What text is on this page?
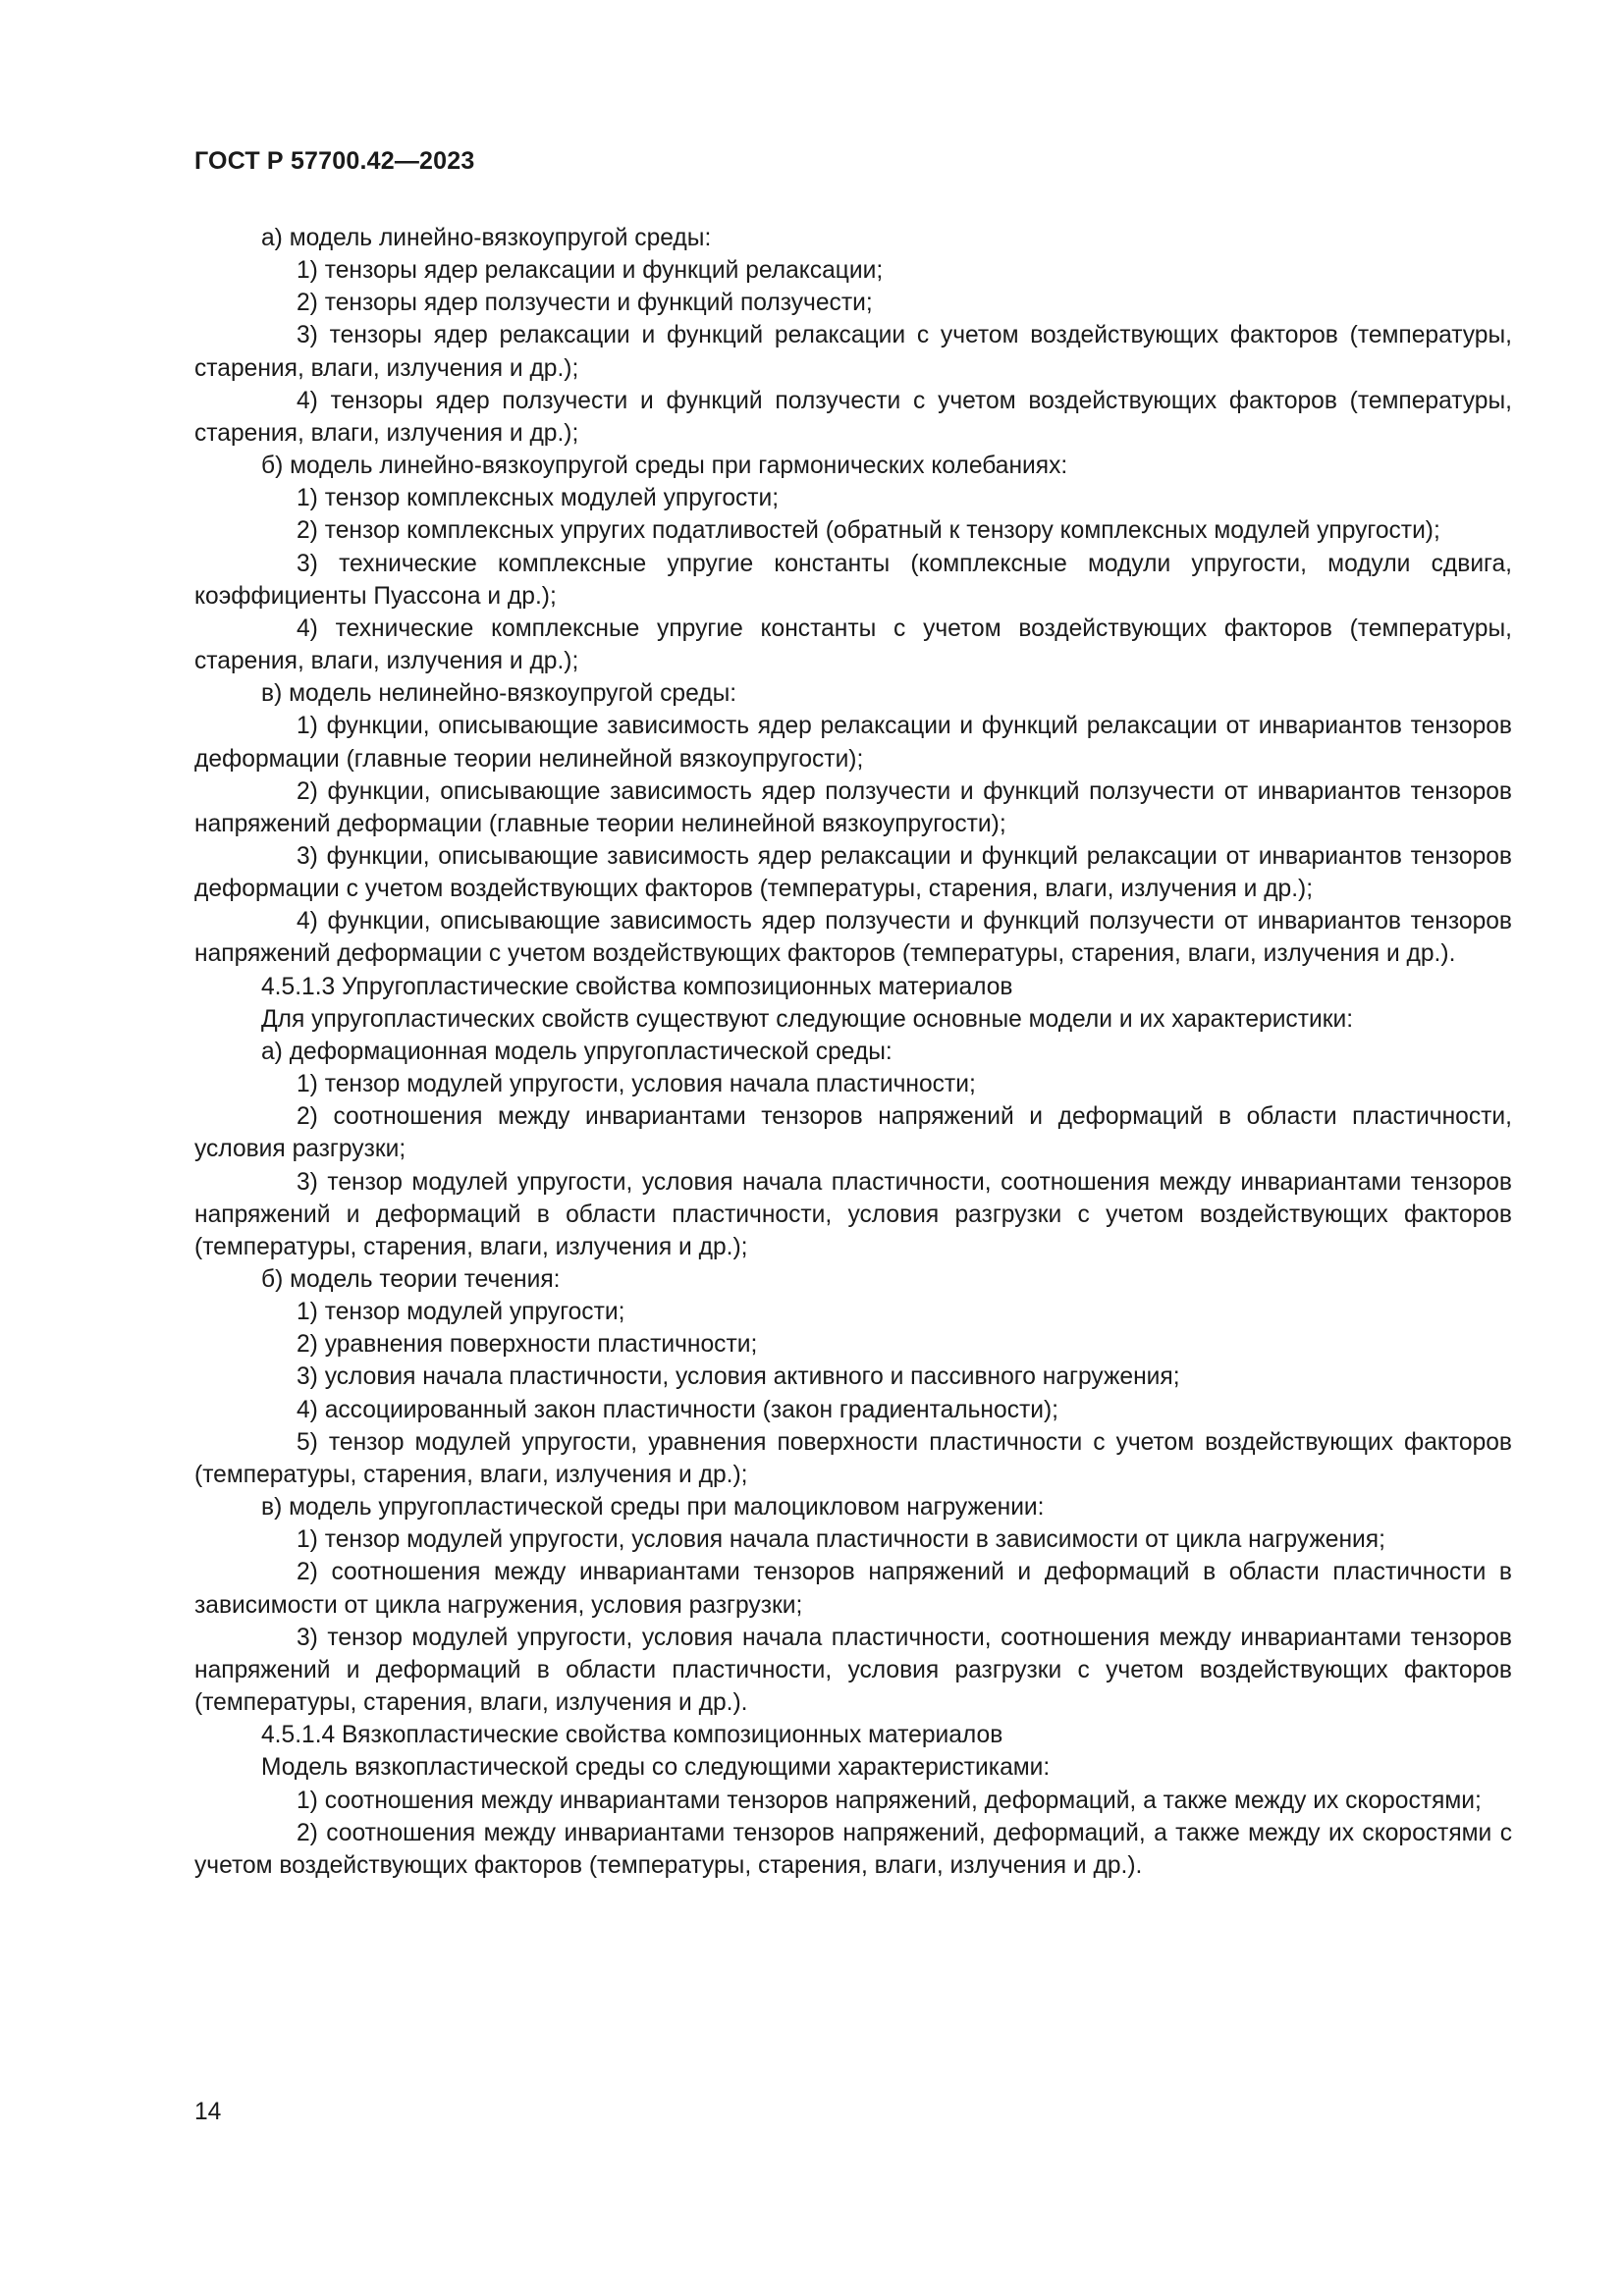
ГОСТ Р 57700.42—2023

а) модель линейно-вязкоупругой среды:

1) тензоры ядер релаксации и функций релаксации;

2) тензоры ядер ползучести и функций ползучести;

3) тензоры ядер релаксации и функций релаксации с учетом воздействующих факторов (температуры, старения, влаги, излучения и др.);

4) тензоры ядер ползучести и функций ползучести с учетом воздействующих факторов (температуры, старения, влаги, излучения и др.);

б) модель линейно-вязкоупругой среды при гармонических колебаниях:

1) тензор комплексных модулей упругости;

2) тензор комплексных упругих податливостей (обратный к тензору комплексных модулей упругости);

3) технические комплексные упругие константы (комплексные модули упругости, модули сдвига, коэффициенты Пуассона и др.);

4) технические комплексные упругие константы с учетом воздействующих факторов (температуры, старения, влаги, излучения и др.);

в) модель нелинейно-вязкоупругой среды:

1) функции, описывающие зависимость ядер релаксации и функций релаксации от инвариантов тензоров деформации (главные теории нелинейной вязкоупругости);

2) функции, описывающие зависимость ядер ползучести и функций ползучести от инвариантов тензоров напряжений деформации (главные теории нелинейной вязкоупругости);

3) функции, описывающие зависимость ядер релаксации и функций релаксации от инвариантов тензоров деформации с учетом воздействующих факторов (температуры, старения, влаги, излучения и др.);

4) функции, описывающие зависимость ядер ползучести и функций ползучести от инвариантов тензоров напряжений деформации с учетом воздействующих факторов (температуры, старения, влаги, излучения и др.).

4.5.1.3 Упругопластические свойства композиционных материалов

Для упругопластических свойств существуют следующие основные модели и их характеристики:

а) деформационная модель упругопластической среды:

1) тензор модулей упругости, условия начала пластичности;

2) соотношения между инвариантами тензоров напряжений и деформаций в области пластичности, условия разгрузки;

3) тензор модулей упругости, условия начала пластичности, соотношения между инвариантами тензоров напряжений и деформаций в области пластичности, условия разгрузки с учетом воздействующих факторов (температуры, старения, влаги, излучения и др.);

б) модель теории течения:

1) тензор модулей упругости;

2) уравнения поверхности пластичности;

3) условия начала пластичности, условия активного и пассивного нагружения;

4) ассоциированный закон пластичности (закон градиентальности);

5) тензор модулей упругости, уравнения поверхности пластичности с учетом воздействующих факторов (температуры, старения, влаги, излучения и др.);

в) модель упругопластической среды при малоцикловом нагружении:

1) тензор модулей упругости, условия начала пластичности в зависимости от цикла нагружения;

2) соотношения между инвариантами тензоров напряжений и деформаций в области пластичности в зависимости от цикла нагружения, условия разгрузки;

3) тензор модулей упругости, условия начала пластичности, соотношения между инвариантами тензоров напряжений и деформаций в области пластичности, условия разгрузки с учетом воздействующих факторов (температуры, старения, влаги, излучения и др.).

4.5.1.4 Вязкопластические свойства композиционных материалов

Модель вязкопластической среды со следующими характеристиками:

1) соотношения между инвариантами тензоров напряжений, деформаций, а также между их скоростями;

2) соотношения между инвариантами тензоров напряжений, деформаций, а также между их скоростями с учетом воздействующих факторов (температуры, старения, влаги, излучения и др.).

14
